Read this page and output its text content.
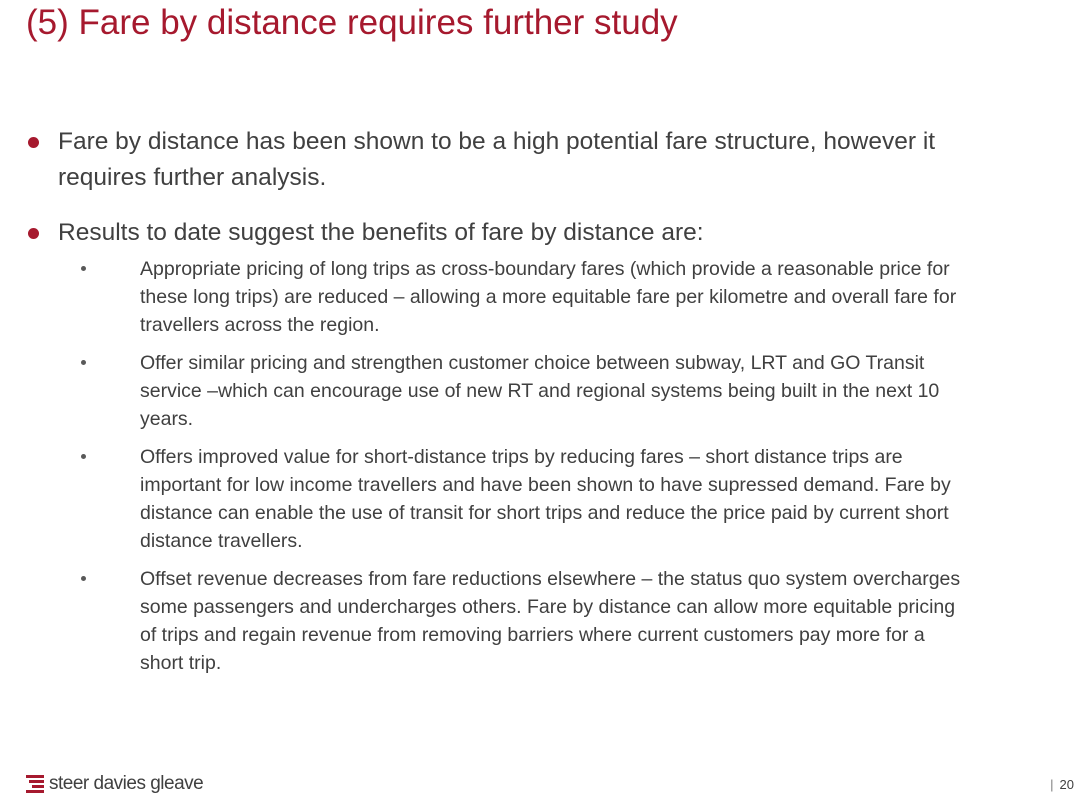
(5) Fare by distance requires further study
Fare by distance has been shown to be a high potential fare structure, however it requires further analysis.
Results to date suggest the benefits of fare by distance are:
Appropriate pricing of long trips as cross-boundary fares (which provide a reasonable price for these long trips) are reduced – allowing a more equitable fare per kilometre and overall fare for travellers across the region.
Offer similar pricing and strengthen customer choice between subway, LRT and GO Transit service –which can encourage use of new RT and regional systems being built in the next 10 years.
Offers improved value for short-distance trips by reducing fares – short distance trips are important for low income travellers and have been shown to have supressed demand. Fare by distance can enable the use of transit for short trips and reduce the price paid by current short distance travellers.
Offset revenue decreases from fare reductions elsewhere – the status quo system overcharges some passengers and undercharges others. Fare by distance can allow more equitable pricing of trips and regain revenue from removing barriers where current customers pay more for a short trip.
steer davies gleave	| 20
